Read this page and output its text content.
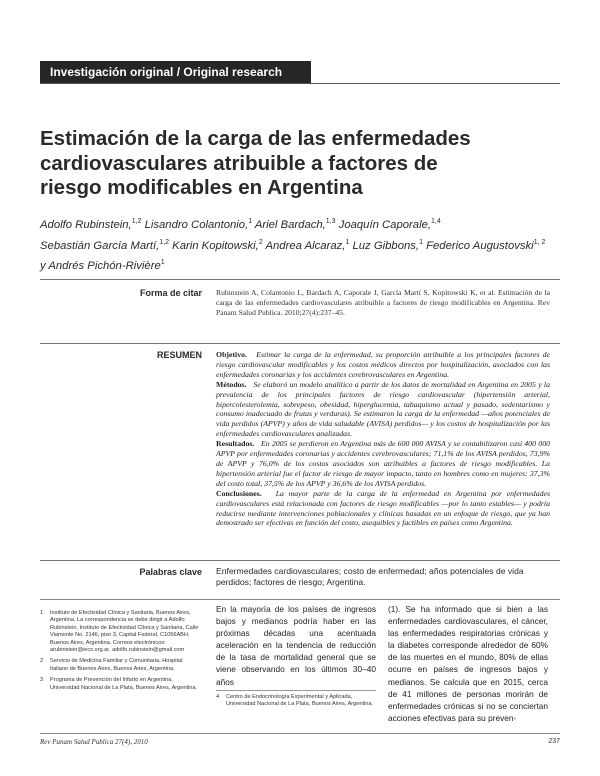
Investigación original / Original research
Estimación de la carga de las enfermedades cardiovasculares atribuible a factores de riesgo modificables en Argentina
Adolfo Rubinstein,$^{1,2}$ Lisandro Colantonio,$^1$ Ariel Bardach,$^{1,3}$ Joaquín Caporale,$^{1,4}$ Sebastián García Martí,$^{1,2}$ Karin Kopitowski,$^2$ Andrea Alcaraz,$^1$ Luz Gibbons,$^1$ Federico Augustovski$^{1, 2}$ y Andrés Pichón-Rivière$^1$
Forma de citar Rubinstein A, Colantonio L, Bardach A, Caporale J, García Martí S, Kopitowski K, et al. Estimación de la carga de las enfermedades cardiovasculares atribuible a factores de riesgo modificables en Argentina. Rev Panam Salud Publica. 2010;27(4):237–45.
RESUMEN Objetivo. Estimar la carga de la enfermedad, su proporción atribuible a los principales factores de riesgo cardiovascular modificables y los costos médicos directos por hospitalización, asociados con las enfermedades coronarias y los accidentes cerebrovasculares en Argentina.

Métodos. Se elaboró un modelo analítico a partir de los datos de mortalidad en Argentina en 2005 y la prevalencia de los principales factores de riesgo cardiovascular (hipertensión arterial, hipercolesterolemia, sobrepeso, obesidad, hiperglucemia, tabaquismo actual y pasado, sedentarismo y consumo inadecuado de frutas y verduras). Se estimaron la carga de la enfermedad —años potenciales de vida perdidos (APVP) y años de vida saludable (AVISA) perdidos— y los costos de hospitalización por las enfermedades cardiovasculares analizadas.

Resultados. En 2005 se perdieron en Argentina más de 600 000 AVISA y se contabilizaron casi 400 000 APVP por enfermedades coronarias y accidentes cerebrovasculares; 71,1% de los AVISA perdidos, 73,9% de APVP y 76,0% de los costos asociados son atribuibles a factores de riesgo modificables. La hipertensión arterial fue el factor de riesgo de mayor impacto, tanto en hombres como en mujeres: 37,3% del costo total, 37,5% de los APVP y 36,6% de los AVISA perdidos.

Conclusiones. La mayor parte de la carga de la enfermedad en Argentina por enfermedades cardiovasculares está relacionada con factores de riesgo modificables —por lo tanto estables— y podría reducirse mediante intervenciones poblacionales y clínicas basadas en un enfoque de riesgo, que ya han demostrado ser efectivas en función del costo, asequibles y factibles en países como Argentina.

Palabras clave Enfermedades cardiovasculares; costo de enfermedad; años potenciales de vida perdidos; factores de riesgo; Argentina.
1 Instituto de Efectividad Clínica y Sanitaria, Buenos Aires, Argentina. La correspondencia se debe dirigir a Adolfo Rubinstein, Instituto de Efectividad Clínica y Sanitaria, Calle Viamonte No. 2146, piso 3, Capital Federal, C1056ABH, Buenos Aires, Argentina. Correos electrónicos: arubinstein@iecs.org.ar, adolfo.rubinstein@gmail.com
2 Servicio de Medicina Familiar y Comunitaria, Hospital Italiano de Buenos Aires, Buenos Aires, Argentina.
3 Programa de Prevención del Infarto en Argentina, Universidad Nacional de La Plata, Buenos Aires, Argentina.
En la mayoría de los países de ingresos bajos y medianos podría haber en las próximas décadas una acentuada aceleración en la tendencia de reducción de la tasa de mortalidad general que se viene observando en los últimos 30–40 años
4 Centro de Endocrinología Experimental y Aplicada, Universidad Nacional de La Plata, Buenos Aires, Argentina.
(1). Se ha informado que si bien a las enfermedades cardiovasculares, el cáncer, las enfermedades respiratorias crónicas y la diabetes corresponde alrededor de 60% de las muertes en el mundo, 80% de ellas ocurre en países de ingresos bajos y medianos. Se calcula que en 2015, cerca de 41 millones de personas morirán de enfermedades crónicas si no se conciertan acciones efectivas para su preven-
Rev Panam Salud Publica 27(4), 2010	237
